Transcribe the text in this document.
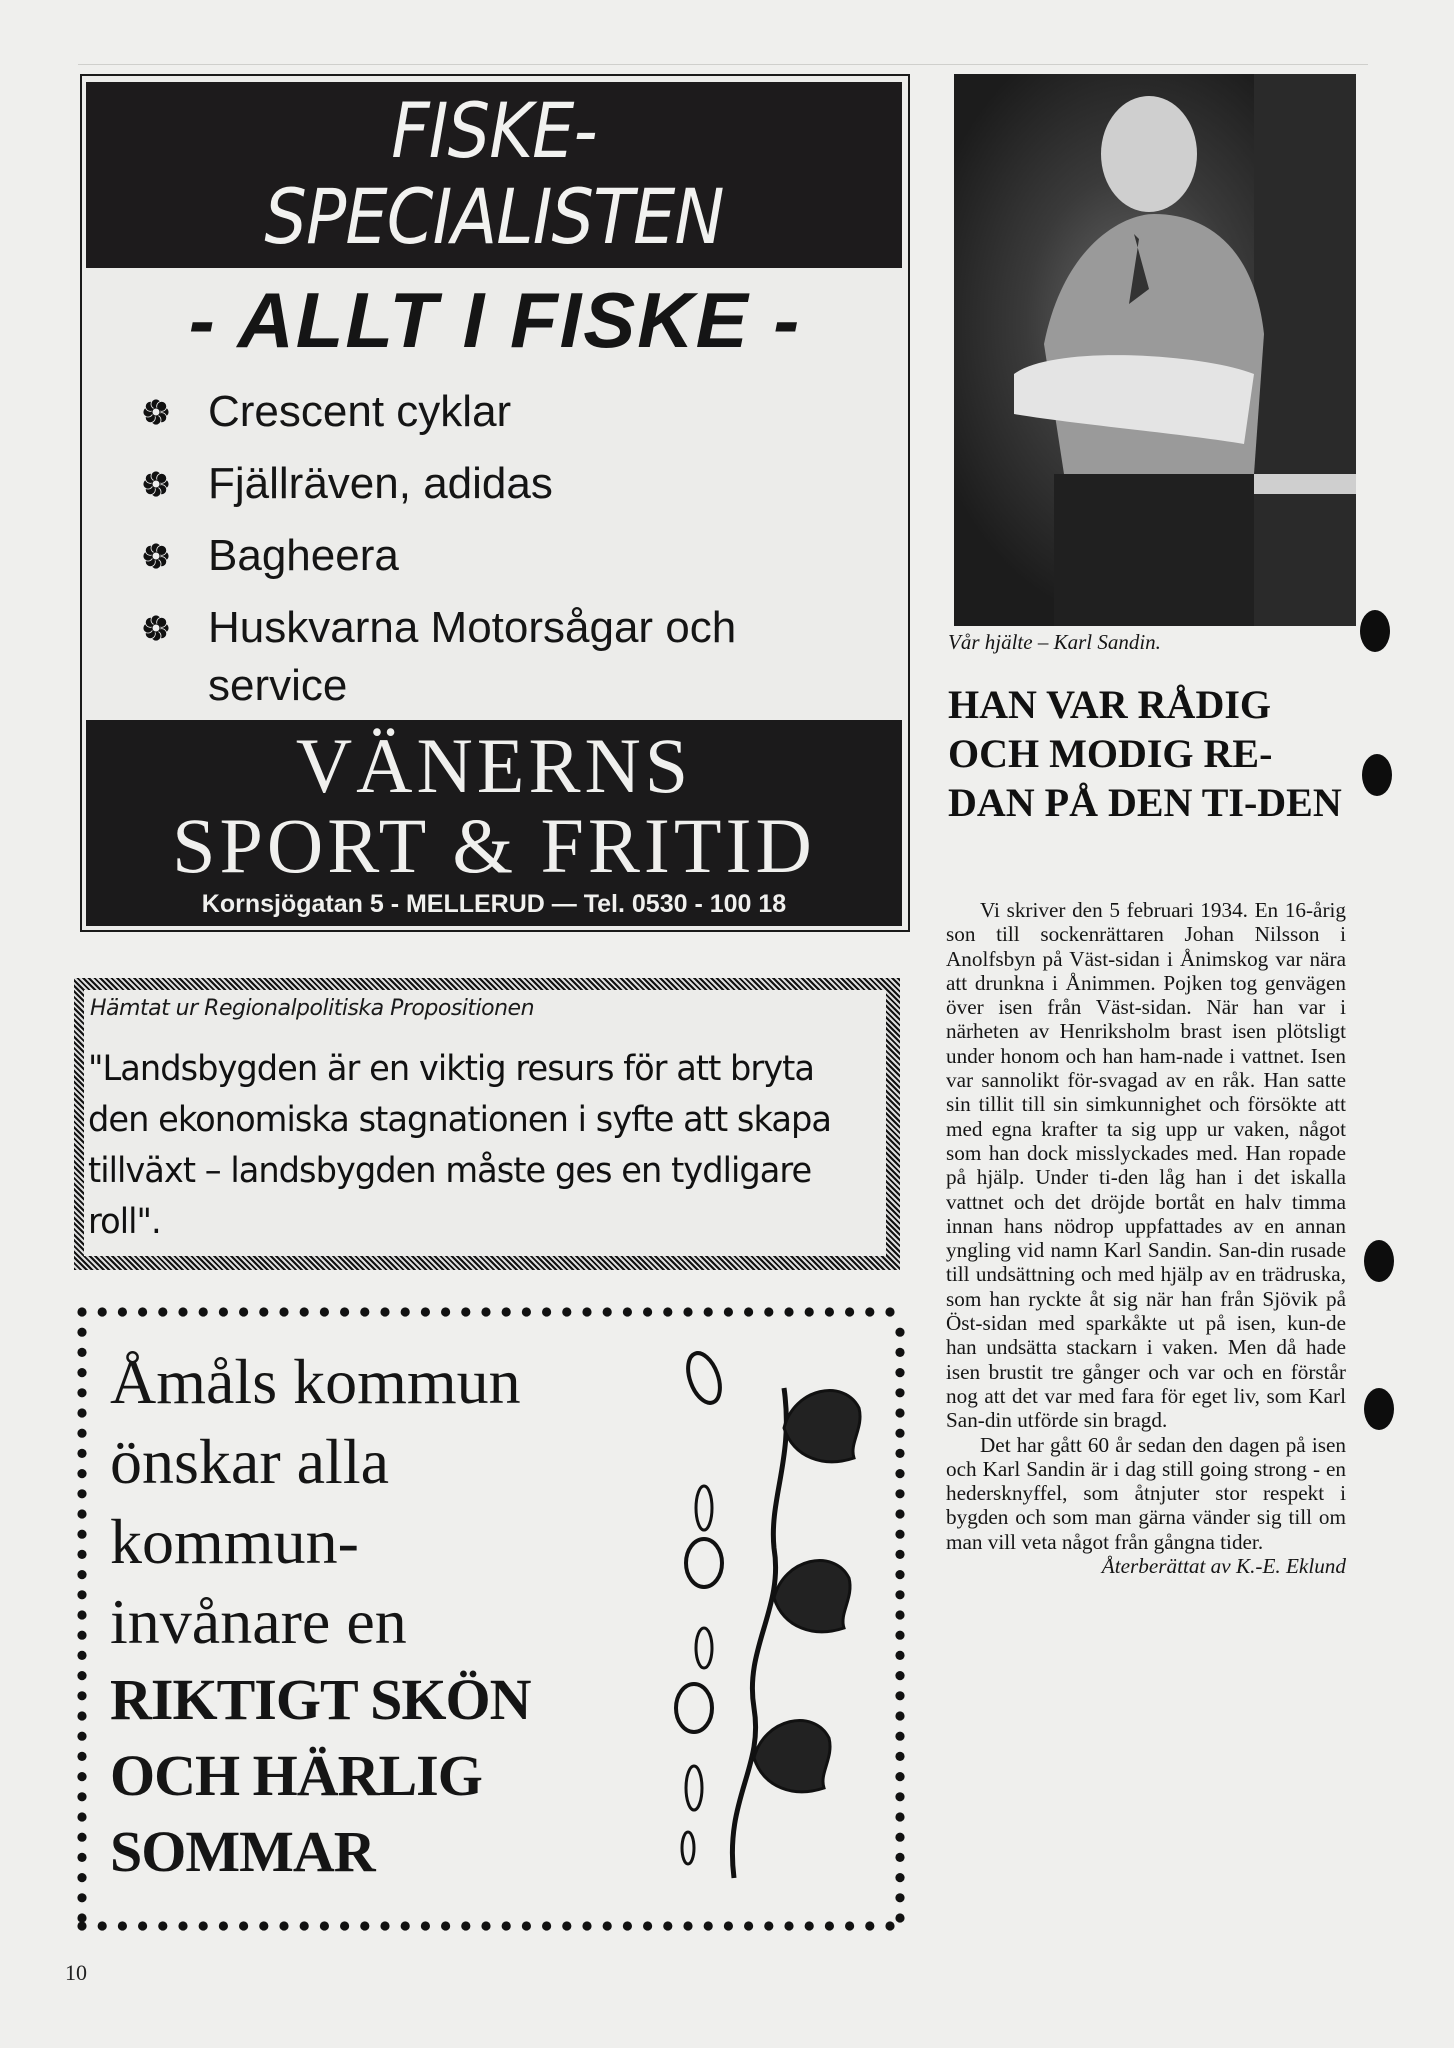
FISKE-
SPECIALISTEN
- ALLT I FISKE -
Crescent cyklar
Fjällräven, adidas
Bagheera
Huskvarna Motorsågar och
service
VÄNERNS
SPORT & FRITID
Kornsjögatan 5 - MELLERUD — Tel. 0530 - 100 18
Hämtat ur Regionalpolitiska Propositionen
"Landsbygden är en viktig resurs för att bryta den ekonomiska stagnationen i syfte att skapa tillväxt – landsbygden måste ges en tydligare roll".
Åmåls kommun
önskar alla
kommun-
invånare en
RIKTIGT SKÖN
OCH HÄRLIG
SOMMAR
Vår hjälte – Karl Sandin.
HAN VAR RÅDIG OCH MODIG RE-DAN PÅ DEN TI-DEN

Vi skriver den 5 februari 1934. En 16-årig son till sockenrättaren Johan Nilsson i Anolfsbyn på Väst-sidan i Ånimskog var nära att drunkna i Ånimmen. Pojken tog genvägen över isen från Väst-sidan. När han var i närheten av Henriksholm brast isen plötsligt under honom och han ham-nade i vattnet. Isen var sannolikt för-svagad av en råk. Han satte sin tillit till sin simkunnighet och försökte att med egna krafter ta sig upp ur vaken, något som han dock misslyckades med. Han ropade på hjälp. Under ti-den låg han i det iskalla vattnet och det dröjde bortåt en halv timma innan hans nödrop uppfattades av en annan yngling vid namn Karl Sandin. San-din rusade till undsättning och med hjälp av en trädruska, som han ryckte åt sig när han från Sjövik på Öst-sidan med sparkåkte ut på isen, kun-de han undsätta stackarn i vaken. Men då hade isen brustit tre gånger och var och en förstår nog att det var med fara för eget liv, som Karl San-din utförde sin bragd.

Det har gått 60 år sedan den dagen på isen och Karl Sandin är i dag still going strong - en hedersknyffel, som åtnjuter stor respekt i bygden och som man gärna vänder sig till om man vill veta något från gångna tider.

Återberättat av K.-E. Eklund

10
